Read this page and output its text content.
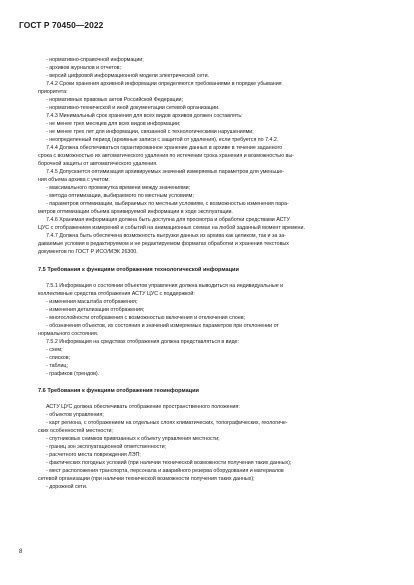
ГОСТ Р 70450—2022
- нормативно-справочной информации;
- архивов журналов и отчетов;
- версий цифровой информационной модели электрической сети.
7.4.2 Сроки хранения архивной информации определяются требованиями в порядке убывания
приоритета:
- нормативных правовых актов Российской Федерации;
- нормативно-технической и иной документации сетевой организации.
7.4.3 Минимальный срок хранения для всех видов архивов должен составлять:
- не менее трех месяцев для всех видов информации;
- не менее трех лет для информации, связанной с технологическими нарушениями;
- неопределенный период (архивные записи с защитой от удаления), если требуется по 7.4.2.
7.4.4 Должна обеспечиваться гарантированное хранение данных в архиве в течение заданного
срока с возможностью их автоматического удаления по истечении срока хранения и возможностью вы-
борочной защиты от автоматического удаления.
7.4.5 Допускается оптимизация архивируемых значений измеряемых параметров для уменьше-
ния объема архива с учетом:
- максимального промежутка времени между значениями;
- метода оптимизации, выбираемого по местным условиям;
- параметров оптимизации, выбираемых по местным условиям, с возможностью изменения пара-
метров оптимизации объема архивируемой информации в ходе эксплуатации.
7.4.6 Хранимая информация должна быть доступна для просмотра и обработки средствами АСТУ
ЦУС с отображением измерений и событий на анимационных схемах на любой заданный момент времени.
7.4.7 Должна быть обеспечена возможность выгрузки данных из архива как целиком, так и за за-
даваемые условия в редактируемом и не редактируемом форматах обработки и хранения текстовых
документов по ГОСТ Р ИСО/МЭК 26300.
7.5 Требования к функциям отображения технологической информации
7.5.1 Информация о состоянии объектов управления должна выводиться на индивидуальные и
коллективные средства отображения АСТУ ЦУС с поддержкой:
- изменения масштаба отображения;
- изменения детализации отображения;
- многослойности отображения с возможностью включения и отключения слоев;
- обозначения объектов, их состояния и значений измеряемых параметров при отклонении от
нормального состояния.
7.5.2 Информация на средствах отображения должна представляться в виде:
- схем;
- списков;
- таблиц;
- графиков (трендов).
7.6 Требования к функциям отображения геоинформации
АСТУ ЦУС должна обеспечивать отображение пространственного положения:
- объектов управления;
- карт региона, с отображением на отдельных слоях климатических, топографических, геологиче-
ских особенностей местности;
- спутниковых снимков привязанных к объекту управления местности;
- границ зон эксплуатационной ответственности;
- расчетного места повреждения ЛЭП;
- фактических погодных условий (при наличии технической возможности получения таких данных);
- мест расположения транспорта, персонала и аварийного резерва оборудования и материалов
сетевой организации (при наличии технической возможности получения таких данных);
- дорожной сети.
8
